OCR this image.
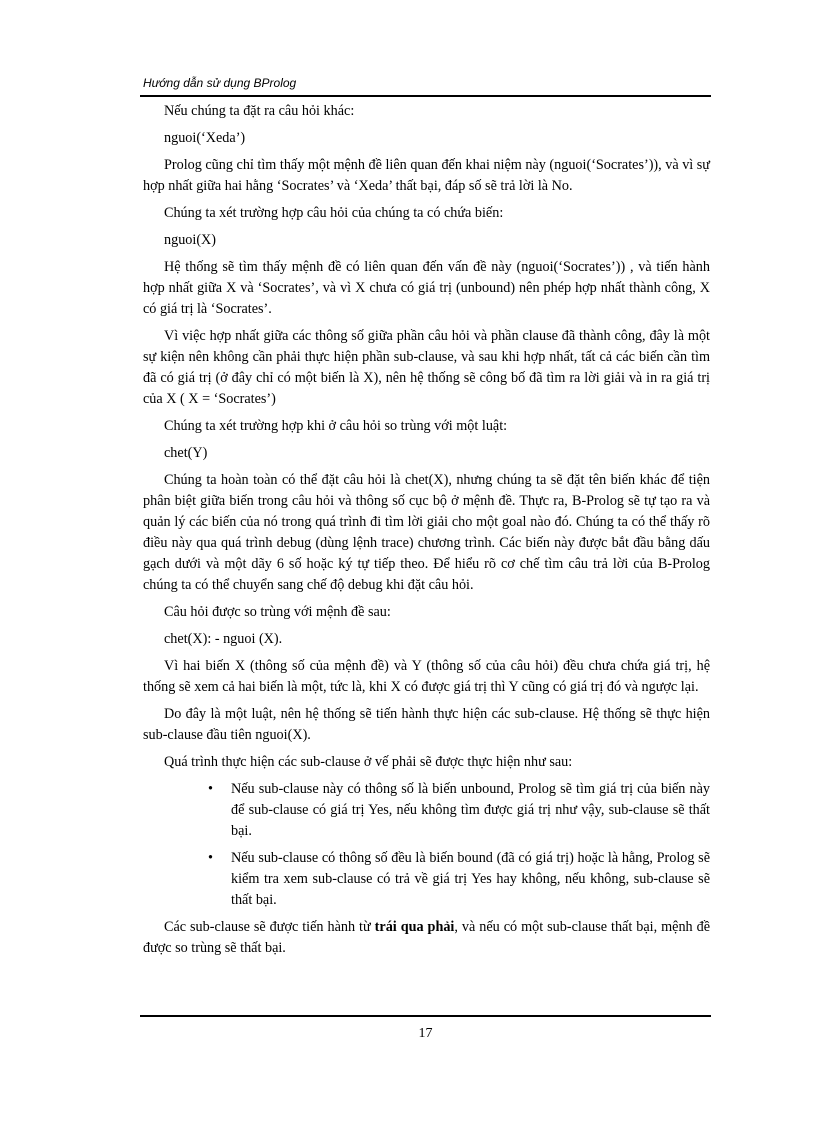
Hướng dẫn sử dụng BProlog

Nếu chúng ta đặt ra câu hỏi khác:

nguoi(‘Xeda’)

Prolog cũng chỉ tìm thấy một mệnh đề liên quan đến khai niệm này (nguoi(‘Socrates’)), và vì sự hợp nhất giữa hai hằng ‘Socrates’ và ‘Xeda’ thất bại, đáp số sẽ trả lời là No.

Chúng ta xét trường hợp câu hỏi của chúng ta có chứa biến:

nguoi(X)

Hệ thống sẽ tìm thấy mệnh đề có liên quan đến vấn đề này (nguoi(‘Socrates’)) , và tiến hành hợp nhất giữa X và ‘Socrates’, và vì X chưa có giá trị (unbound) nên phép hợp nhất thành công, X có giá trị là ‘Socrates’.

Vì việc hợp nhất giữa các thông số giữa phần câu hỏi và phần clause đã thành công, đây là một sự kiện nên không cần phải thực hiện phần sub-clause, và sau khi hợp nhất, tất cả các biến cần tìm đã có giá trị (ở đây chỉ có một biến là X), nên hệ thống sẽ công bố đã tìm ra lời giải và in ra giá trị của X ( X = ‘Socrates’)

Chúng ta xét trường hợp khi ở câu hỏi so trùng với một luật:

chet(Y)

Chúng ta hoàn toàn có thể đặt câu hỏi là chet(X), nhưng chúng ta sẽ đặt tên biến khác để tiện phân biệt giữa biến trong câu hỏi và thông số cục bộ ở mệnh đề. Thực ra, B-Prolog sẽ tự tạo ra và quản lý các biến của nó trong quá trình đi tìm lời giải cho một goal nào đó. Chúng ta có thể thấy rõ điều này qua quá trình debug (dùng lệnh trace) chương trình. Các biến này được bắt đầu bằng dấu gạch dưới và một dãy 6 số hoặc ký tự tiếp theo. Để hiểu rõ cơ chế tìm câu trả lời của B-Prolog chúng ta có thể chuyển sang chế độ debug khi đặt câu hỏi.

Câu hỏi được so trùng với mệnh đề sau:

chet(X): - nguoi (X).

Vì hai biến X (thông số của mệnh đề) và Y (thông số của câu hỏi) đều chưa chứa giá trị, hệ thống sẽ xem cả hai biến là một, tức là, khi X có được giá trị thì Y cũng có giá trị đó và ngược lại.

Do đây là một luật, nên hệ thống sẽ tiến hành thực hiện các sub-clause. Hệ thống sẽ thực hiện sub-clause đầu tiên nguoi(X).

Quá trình thực hiện các sub-clause ở vế phải sẽ được thực hiện như sau:

• Nếu sub-clause này có thông số là biến unbound, Prolog sẽ tìm giá trị của biến này để sub-clause có giá trị Yes, nếu không tìm được giá trị như vậy, sub-clause sẽ thất bại.
• Nếu sub-clause có thông số đều là biến bound (đã có giá trị) hoặc là hằng, Prolog sẽ kiểm tra xem sub-clause có trả về giá trị Yes hay không, nếu không, sub-clause sẽ thất bại.

Các sub-clause sẽ được tiến hành từ trái qua phải, và nếu có một sub-clause thất bại, mệnh đề được so trùng sẽ thất bại.

17
